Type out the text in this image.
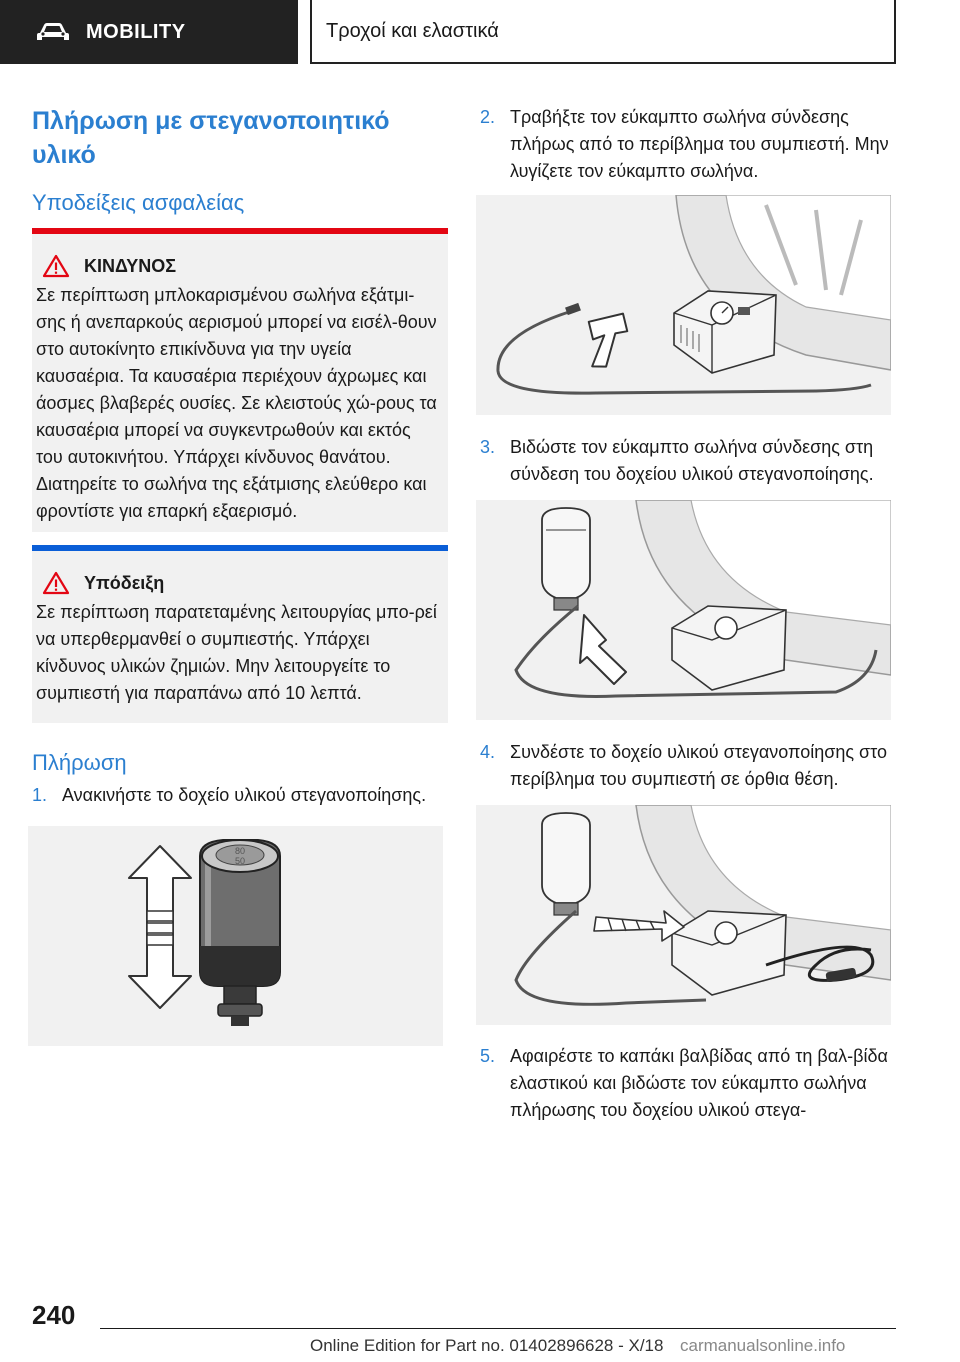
MOBILITY	Τροχοί και ελαστικά
Πλήρωση με στεγανοποιητικό υλικό
Υποδείξεις ασφαλείας
ΚΙΝΔΥΝΟΣ
Σε περίπτωση μπλοκαρισμένου σωλήνα εξάτμι-σης ή ανεπαρκούς αερισμού μπορεί να εισέλ-θουν στο αυτοκίνητο επικίνδυνα για την υγεία καυσαέρια. Τα καυσαέρια περιέχουν άχρωμες και άοσμες βλαβερές ουσίες. Σε κλειστούς χώ-ρους τα καυσαέρια μπορεί να συγκεντρωθούν και εκτός του αυτοκινήτου. Υπάρχει κίνδυνος θανάτου. Διατηρείτε το σωλήνα της εξάτμισης ελεύθερο και φροντίστε για επαρκή εξαερισμό.
Υπόδειξη
Σε περίπτωση παρατεταμένης λειτουργίας μπο-ρεί να υπερθερμανθεί ο συμπιεστής. Υπάρχει κίνδυνος υλικών ζημιών. Μην λειτουργείτε το συμπιεστή για παραπάνω από 10 λεπτά.
Πλήρωση
1. Ανακινήστε το δοχείο υλικού στεγανοποίησης.
80
50
2. Τραβήξτε τον εύκαμπτο σωλήνα σύνδεσης πλήρως από το περίβλημα του συμπιεστή. Μην λυγίζετε τον εύκαμπτο σωλήνα.
3. Βιδώστε τον εύκαμπτο σωλήνα σύνδεσης στη σύνδεση του δοχείου υλικού στεγανοποίησης.
4. Συνδέστε το δοχείο υλικού στεγανοποίησης στο περίβλημα του συμπιεστή σε όρθια θέση.
5. Αφαιρέστε το καπάκι βαλβίδας από τη βαλ-βίδα ελαστικού και βιδώστε τον εύκαμπτο σωλήνα πλήρωσης του δοχείου υλικού στεγα-
240
Online Edition for Part no. 01402896628 - X/18 carmanualsonline.info
